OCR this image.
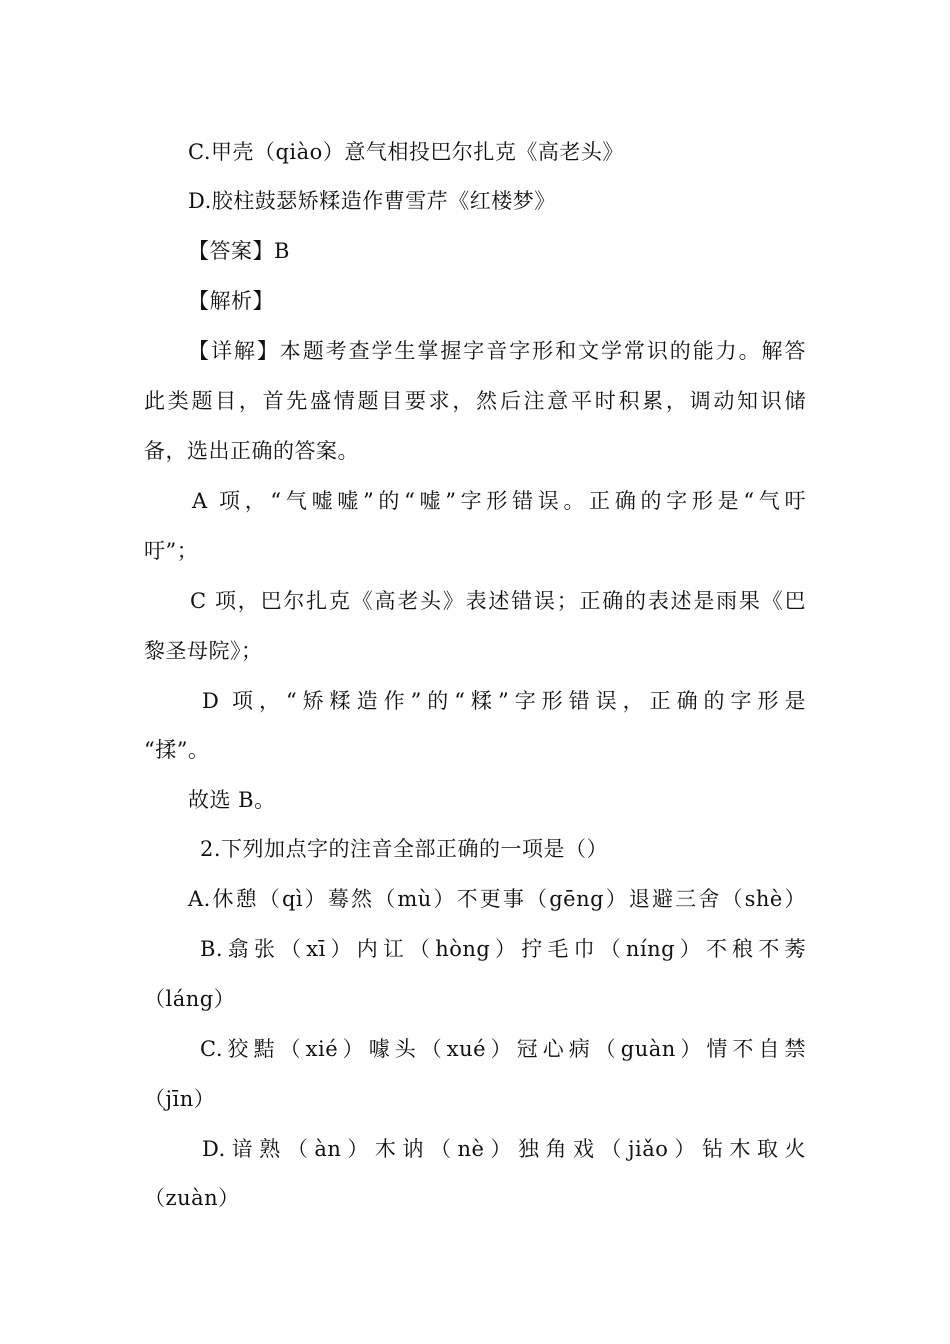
C.甲壳（qiào）意气相投巴尔扎克《高老头》
D.胶柱鼓瑟矫糅造作曹雪芹《红楼梦》
【答案】B
【解析】
【详解】本题考查学生掌握字音字形和文学常识的能力。解答
此类题目，首先盛情题目要求，然后注意平时积累，调动知识储
备，选出正确的答案。
A 项，“气嘘嘘”的“嘘”字形错误。正确的字形是“气吁
吁”；
C 项，巴尔扎克《高老头》表述错误；正确的表述是雨果《巴
黎圣母院》；
D 项，“矫糅造作”的“糅”字形错误，正确的字形是
“揉”。
故选 B。
2.下列加点字的注音全部正确的一项是（）
A.休憩（qì）蓦然（mù）不更事（gēng）退避三舍（shè）
B.翕张（xī）内讧（hòng）拧毛巾（níng）不稂不莠
（láng）
C.狡黠（xié）噱头（xué）冠心病（guàn）情不自禁
（jīn）
D.谙熟（àn）木讷（nè）独角戏（jiǎo）钻木取火
（zuàn）
